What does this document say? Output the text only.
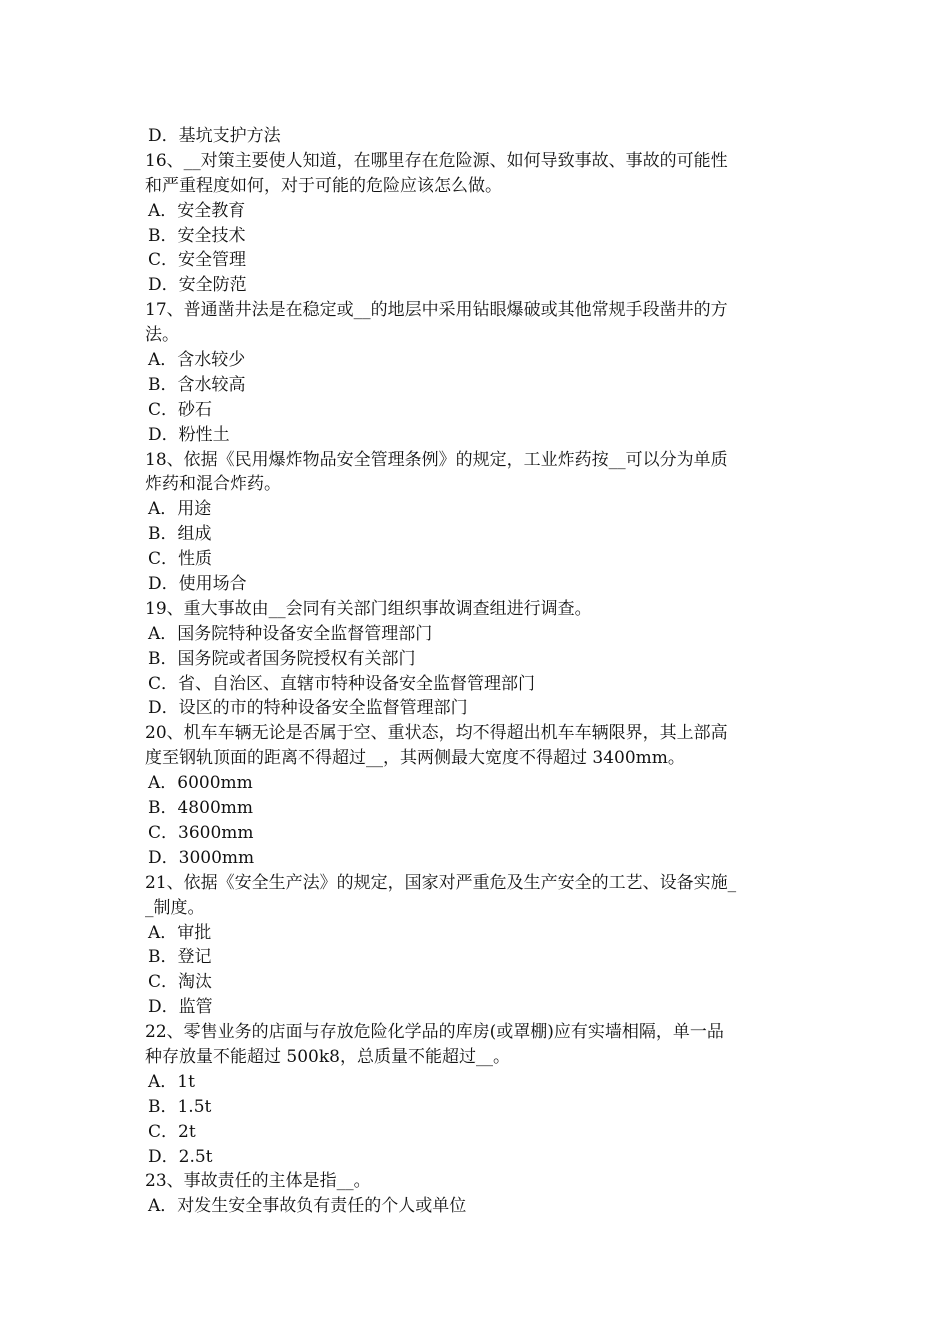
D．基坑支护方法
16、__对策主要使人知道，在哪里存在危险源、如何导致事故、事故的可能性
和严重程度如何，对于可能的危险应该怎么做。
A．安全教育
B．安全技术
C．安全管理
D．安全防范
17、普通凿井法是在稳定或__的地层中采用钻眼爆破或其他常规手段凿井的方
法。
A．含水较少
B．含水较高
C．砂石
D．粉性土
18、依据《民用爆炸物品安全管理条例》的规定，工业炸药按__可以分为单质
炸药和混合炸药。
A．用途
B．组成
C．性质
D．使用场合
19、重大事故由__会同有关部门组织事故调查组进行调查。
A．国务院特种设备安全监督管理部门
B．国务院或者国务院授权有关部门
C．省、自治区、直辖市特种设备安全监督管理部门
D．设区的市的特种设备安全监督管理部门
20、机车车辆无论是否属于空、重状态，均不得超出机车车辆限界，其上部高
度至钢轨顶面的距离不得超过__，其两侧最大宽度不得超过 3400mm。
A．6000mm
B．4800mm
C．3600mm
D．3000mm
21、依据《安全生产法》的规定，国家对严重危及生产安全的工艺、设备实施_
_制度。
A．审批
B．登记
C．淘汰
D．监管
22、零售业务的店面与存放危险化学品的库房(或罩棚)应有实墙相隔，单一品
种存放量不能超过 500k8，总质量不能超过__。
A．1t
B．1.5t
C．2t
D．2.5t
23、事故责任的主体是指__。
A．对发生安全事故负有责任的个人或单位
